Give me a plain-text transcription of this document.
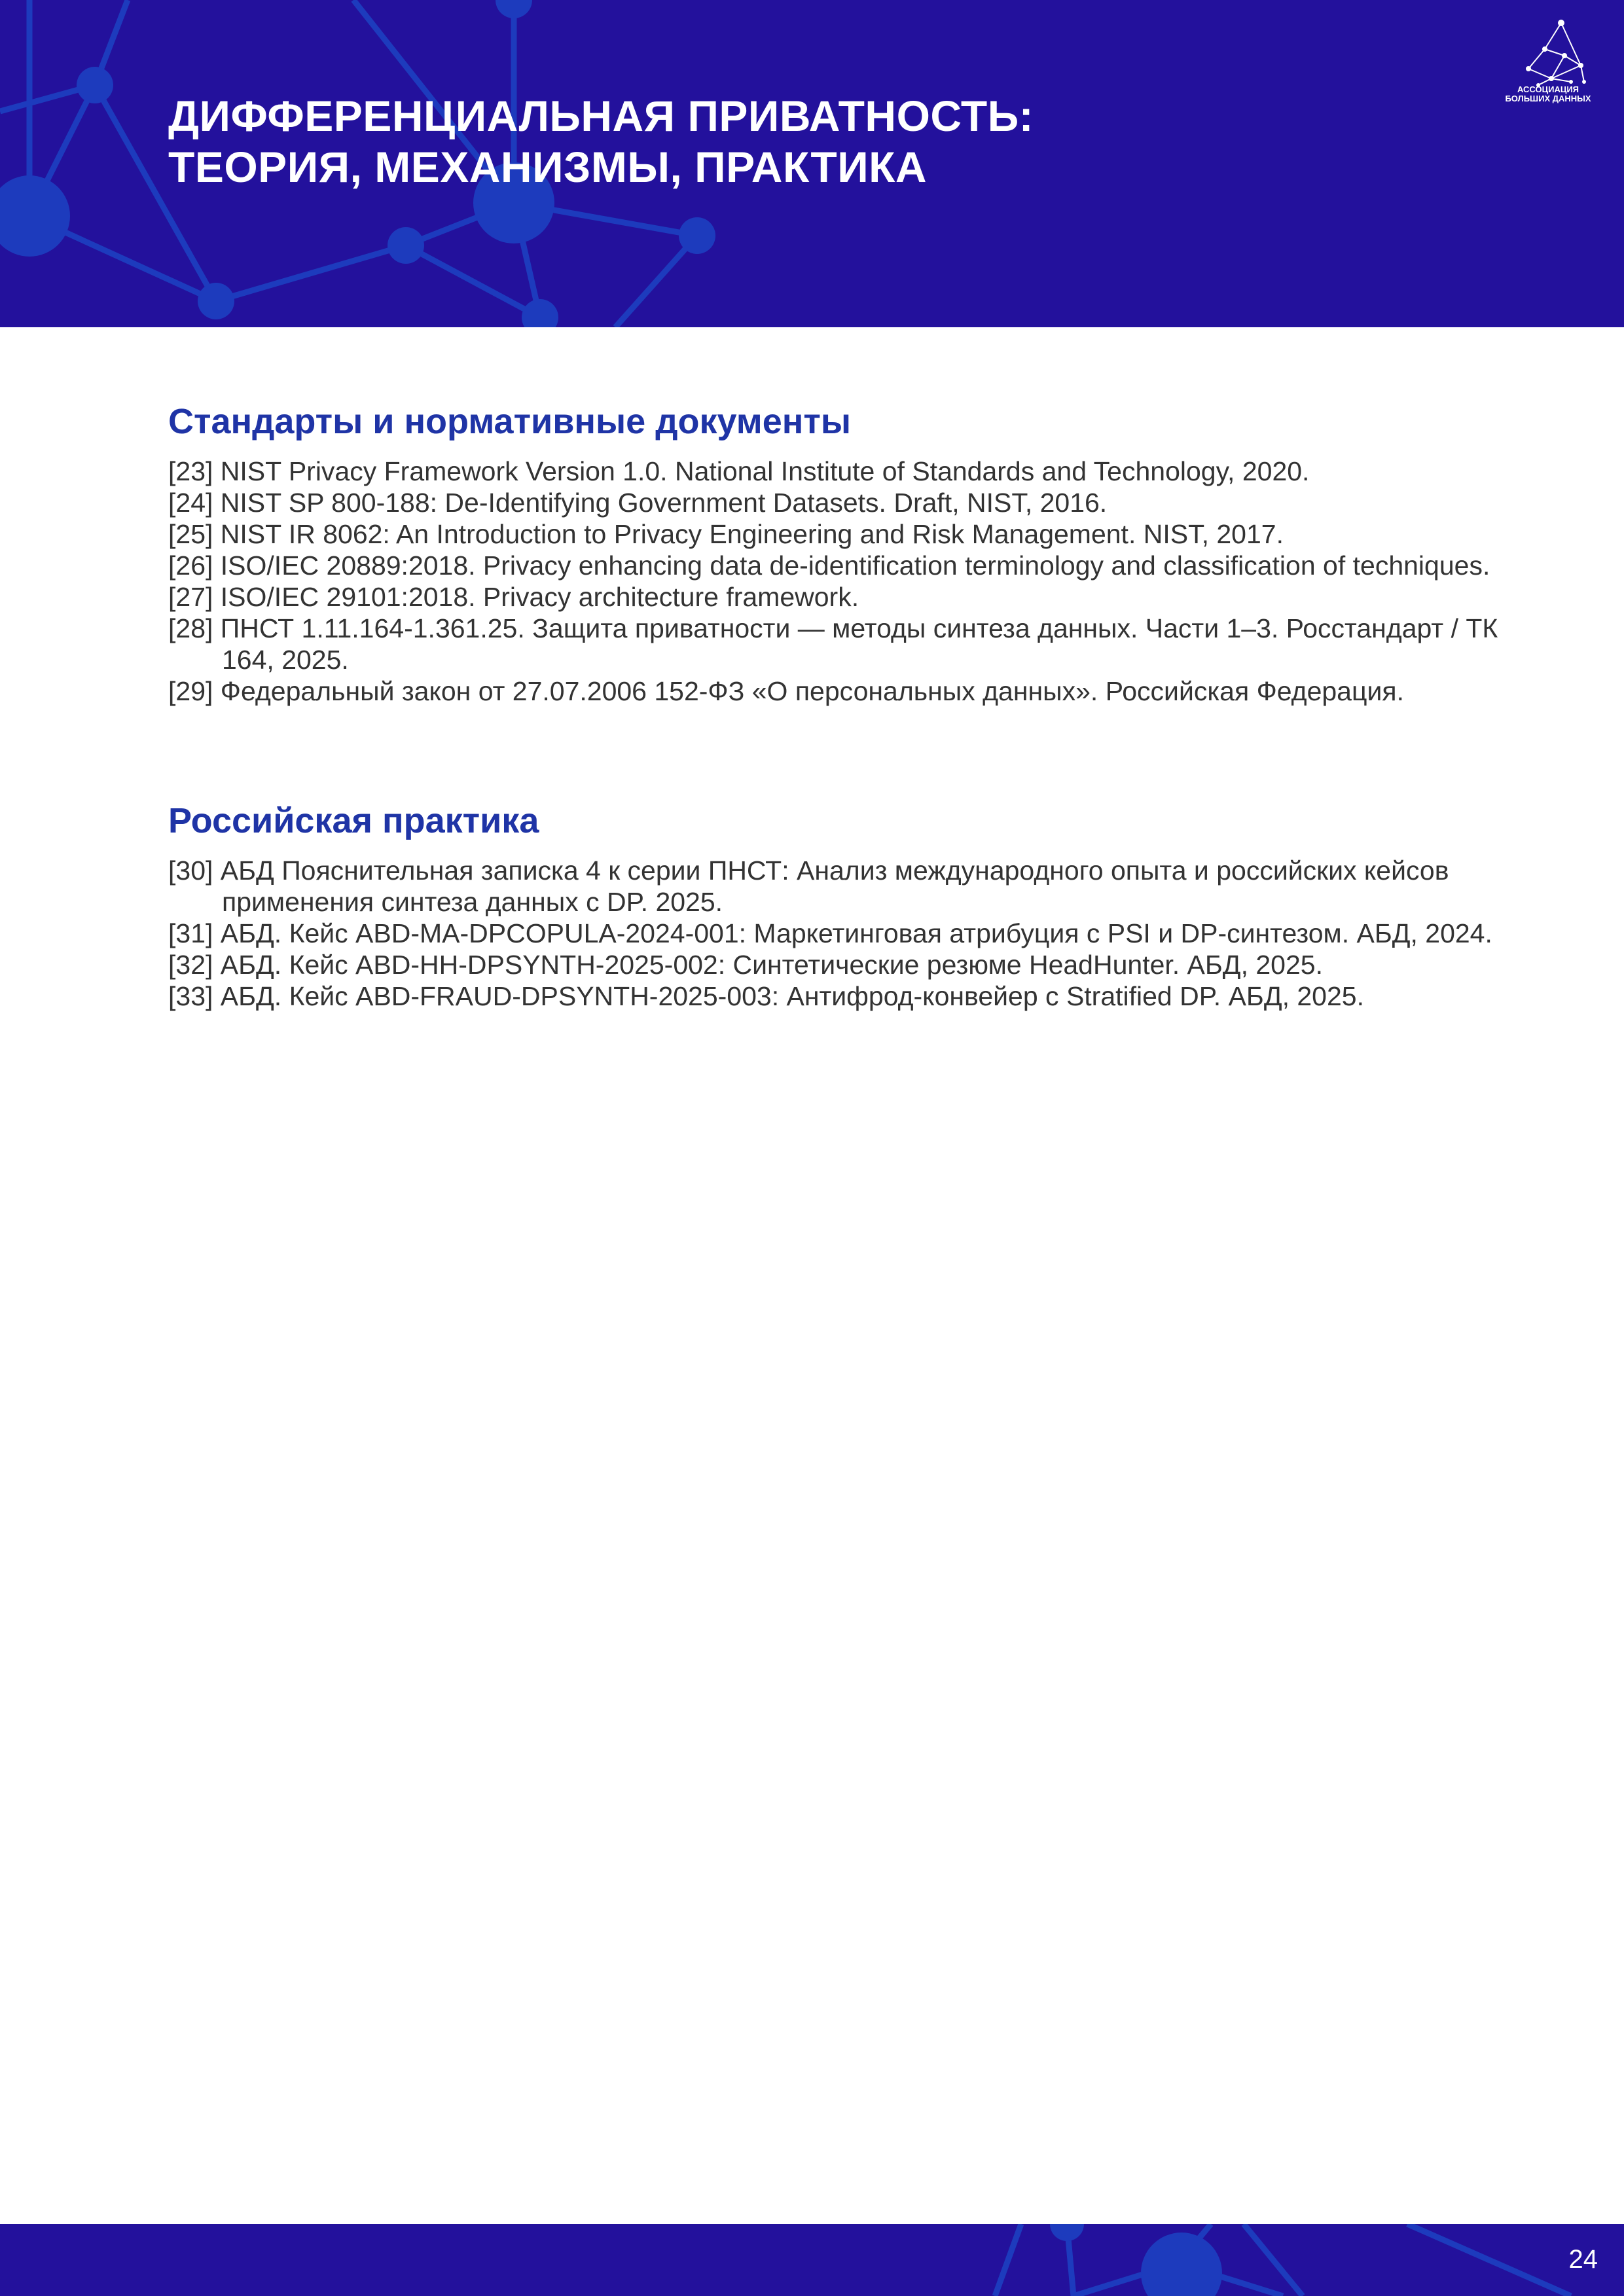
ДИФФЕРЕНЦИАЛЬНАЯ ПРИВАТНОСТЬ:
ТЕОРИЯ, МЕХАНИЗМЫ, ПРАКТИКА
АССОЦИАЦИЯ
БОЛЬШИХ ДАННЫХ
Стандарты и нормативные документы

[23] NIST Privacy Framework Version 1.0. National Institute of Standards and Technology, 2020.

[24] NIST SP 800-188: De-Identifying Government Datasets. Draft, NIST, 2016.

[25] NIST IR 8062: An Introduction to Privacy Engineering and Risk Management. NIST, 2017.

[26] ISO/IEC 20889:2018. Privacy enhancing data de-identification terminology and classification of techniques.

[27] ISO/IEC 29101:2018. Privacy architecture framework.

[28] ПНСТ 1.11.164-1.361.25. Защита приватности — методы синтеза данных. Части 1–3. Росстандарт / ТК 164, 2025.

[29] Федеральный закон от 27.07.2006 152-ФЗ «О персональных данных». Российская Федерация.

Российская практика

[30] АБД Пояснительная записка 4 к серии ПНСТ: Анализ международного опыта и российских кейсов применения синтеза данных с DP. 2025.

[31] АБД. Кейс ABD-MA-DPCOPULA-2024-001: Маркетинговая атрибуция с PSI и DP-синтезом. АБД, 2024.

[32] АБД. Кейс ABD-HH-DPSYNTH-2025-002: Синтетические резюме HeadHunter. АБД, 2025.

[33] АБД. Кейс ABD-FRAUD-DPSYNTH-2025-003: Антифрод-конвейер с Stratified DP. АБД, 2025.

24
